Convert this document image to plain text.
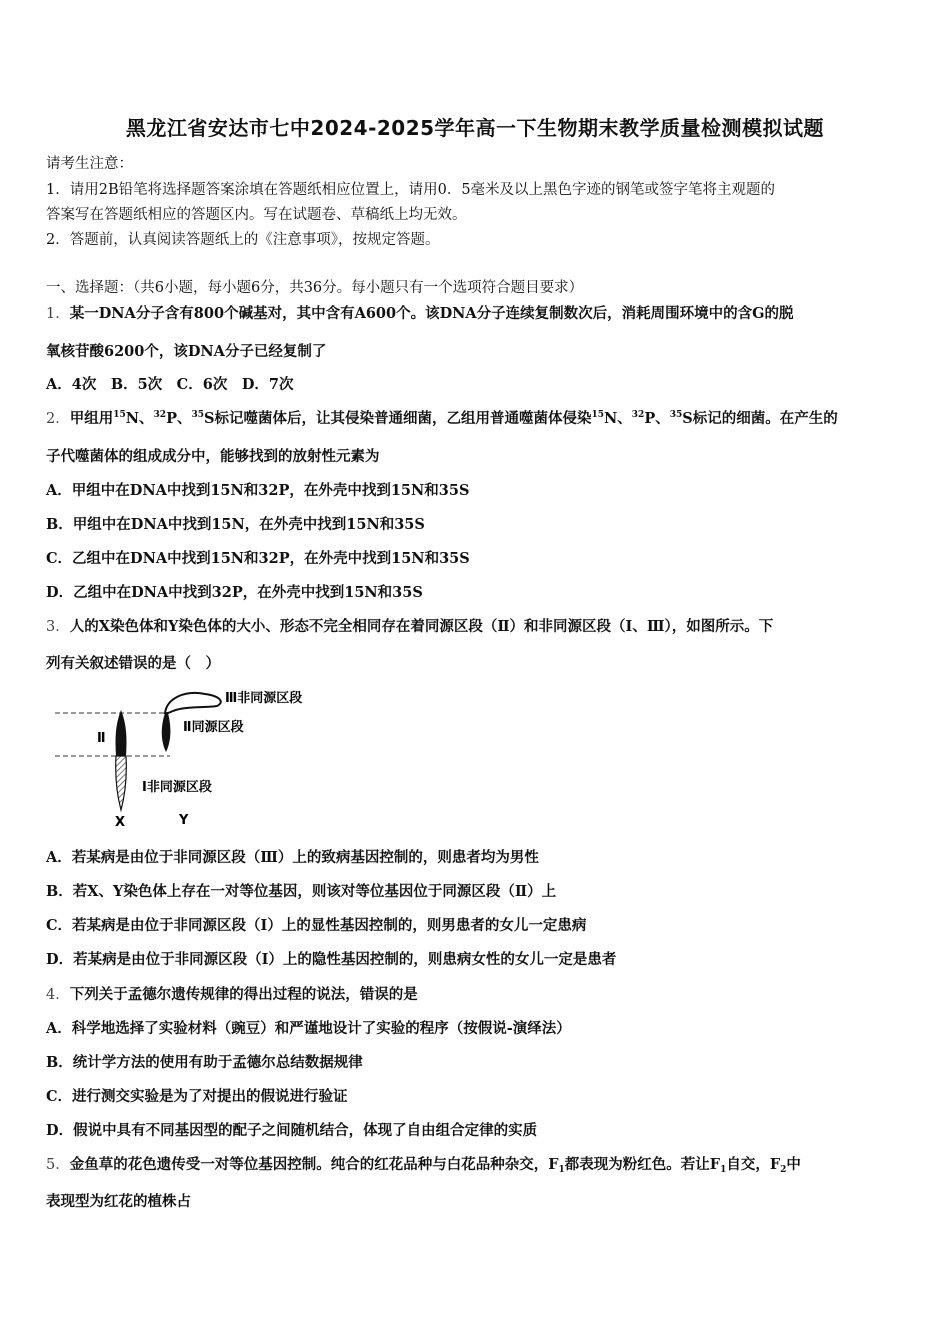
黑龙江省安达市七中2024-2025学年高一下生物期末教学质量检测模拟试题
请考生注意：
1．请用2B铅笔将选择题答案涂填在答题纸相应位置上，请用0．5毫米及以上黑色字迹的钢笔或签字笔将主观题的
答案写在答题纸相应的答题区内。写在试题卷、草稿纸上均无效。
2．答题前，认真阅读答题纸上的《注意事项》，按规定答题。
一、选择题：（共6小题，每小题6分，共36分。每小题只有一个选项符合题目要求）
1．某一DNA分子含有800个碱基对，其中含有A600个。该DNA分子连续复制数次后，消耗周围环境中的含G的脱
氧核苷酸6200个，该DNA分子已经复制了
A．4次　B．5次　C．6次　D．7次
2．甲组用$^{15}$N、$^{32}$P、$^{35}$S标记噬菌体后，让其侵染普通细菌，乙组用普通噬菌体侵染$^{15}$N、$^{32}$P、$^{35}$S标记的细菌。在产生的
子代噬菌体的组成成分中，能够找到的放射性元素为
A．甲组中在DNA中找到15N和32P，在外壳中找到15N和35S
B．甲组中在DNA中找到15N，在外壳中找到15N和35S
C．乙组中在DNA中找到15N和32P，在外壳中找到15N和35S
D．乙组中在DNA中找到32P，在外壳中找到15N和35S
3．人的X染色体和Y染色体的大小、形态不完全相同存在着同源区段（Ⅱ）和非同源区段（Ⅰ、Ⅲ），如图所示。下
列有关叙述错误的是（　）
Ⅱ
Ⅲ非同源区段
Ⅱ同源区段
Ⅰ非同源区段
X	Y
A．若某病是由位于非同源区段（Ⅲ）上的致病基因控制的，则患者均为男性
B．若X、Y染色体上存在一对等位基因，则该对等位基因位于同源区段（Ⅱ）上
C．若某病是由位于非同源区段（I）上的显性基因控制的，则男患者的女儿一定患病
D．若某病是由位于非同源区段（I）上的隐性基因控制的，则患病女性的女儿一定是患者
4．下列关于孟德尔遗传规律的得出过程的说法，错误的是
A．科学地选择了实验材料（豌豆）和严谨地设计了实验的程序（按假说-演绎法）
B．统计学方法的使用有助于孟德尔总结数据规律
C．进行测交实验是为了对提出的假说进行验证
D．假说中具有不同基因型的配子之间随机结合，体现了自由组合定律的实质
5．金鱼草的花色遗传受一对等位基因控制。纯合的红花品种与白花品种杂交，$F_1$都表现为粉红色。若让$F_1$自交，$F_2$中
表现型为红花的植株占
